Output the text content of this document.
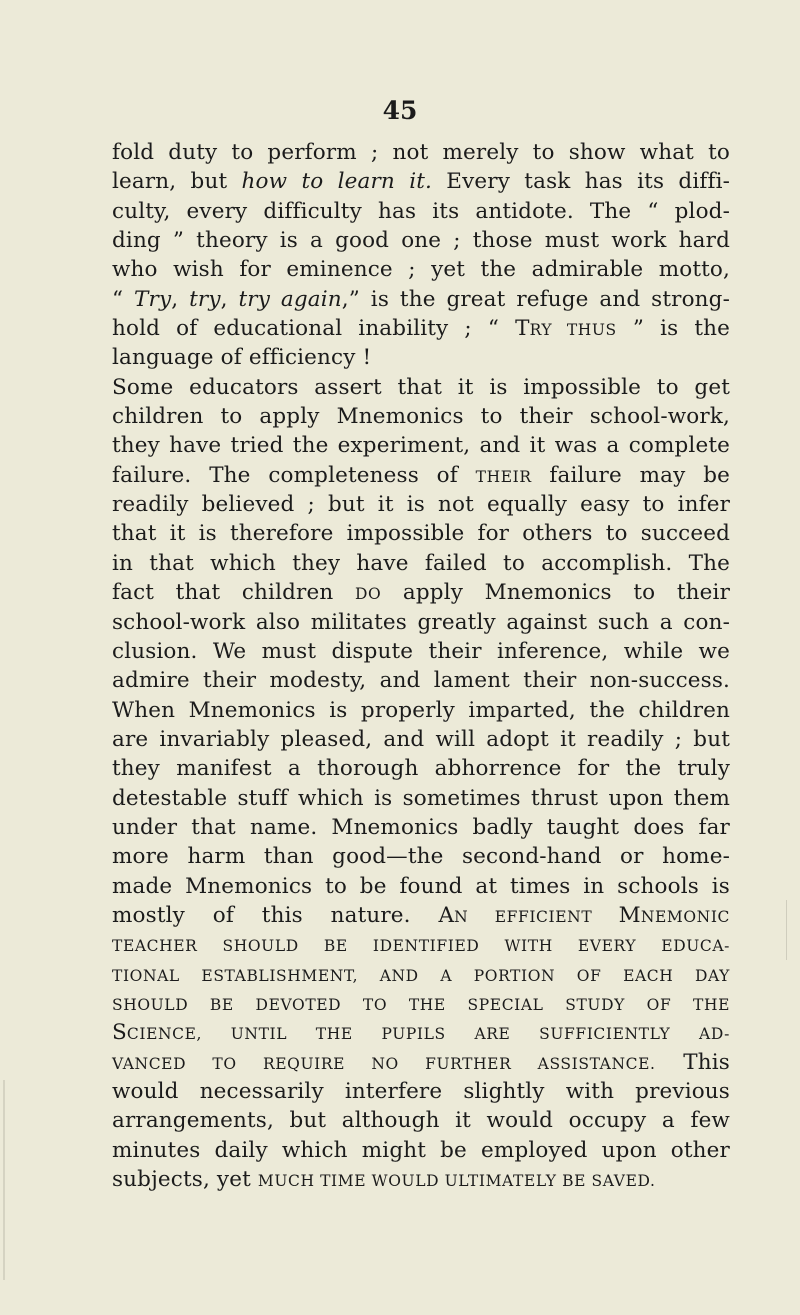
45
fold duty to perform ; not merely to show what to
learn, but how to learn it. Every task has its diffi-
culty, every difficulty has its antidote. The “ plod-
ding ” theory is a good one ; those must work hard
who wish for eminence ; yet the admirable motto,
“ Try, try, try again,” is the great refuge and strong-
hold of educational inability ; “ TRY THUS ” is the
language of efficiency !
Some educators assert that it is impossible to get
children to apply Mnemonics to their school-work,
they have tried the experiment, and it was a complete
failure. The completeness of THEIR failure may be
readily believed ; but it is not equally easy to infer
that it is therefore impossible for others to succeed
in that which they have failed to accomplish. The
fact that children DO apply Mnemonics to their
school-work also militates greatly against such a con-
clusion. We must dispute their inference, while we
admire their modesty, and lament their non-success.
When Mnemonics is properly imparted, the children
are invariably pleased, and will adopt it readily ; but
they manifest a thorough abhorrence for the truly
detestable stuff which is sometimes thrust upon them
under that name. Mnemonics badly taught does far
more harm than good—the second-hand or home-
made Mnemonics to be found at times in schools is
mostly of this nature. AN EFFICIENT MNEMONIC
TEACHER SHOULD BE IDENTIFIED WITH EVERY EDUCA-
TIONAL ESTABLISHMENT, AND A PORTION OF EACH DAY
SHOULD BE DEVOTED TO THE SPECIAL STUDY OF THE
SCIENCE, UNTIL THE PUPILS ARE SUFFICIENTLY AD-
VANCED TO REQUIRE NO FURTHER ASSISTANCE. This
would necessarily interfere slightly with previous
arrangements, but although it would occupy a few
minutes daily which might be employed upon other
subjects, yet MUCH TIME WOULD ULTIMATELY BE SAVED.
